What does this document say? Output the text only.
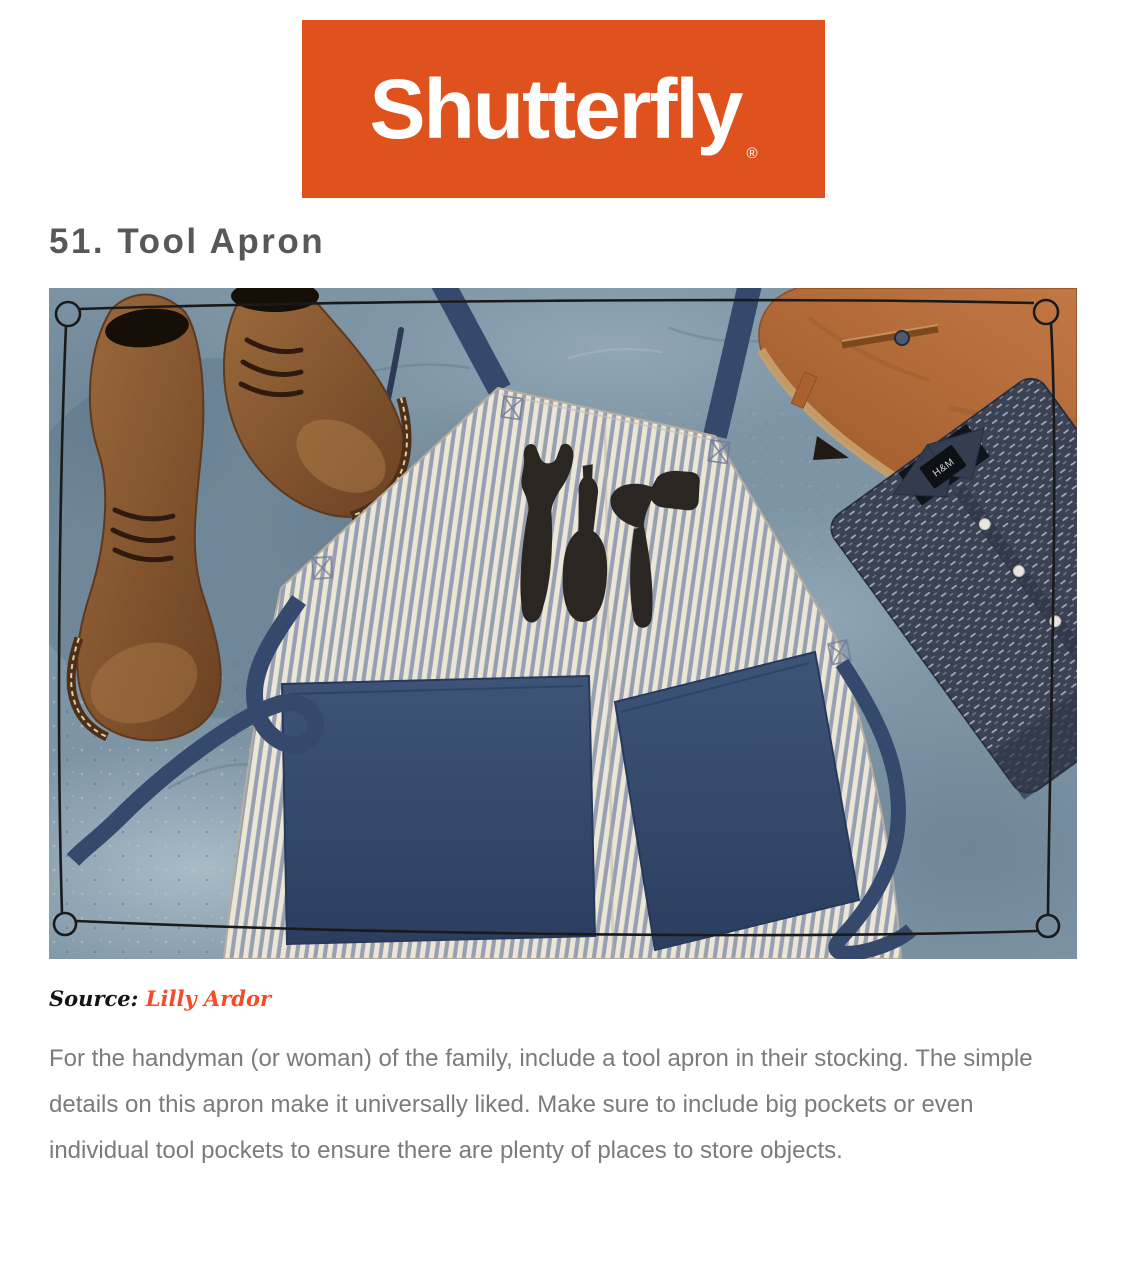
Shutterfly ®
51. Tool Apron
H&M

Source: Lilly Ardor

For the handyman (or woman) of the family, include a tool apron in their stocking. The simple details on this apron make it universally liked. Make sure to include big pockets or even individual tool pockets to ensure there are plenty of places to store objects.
